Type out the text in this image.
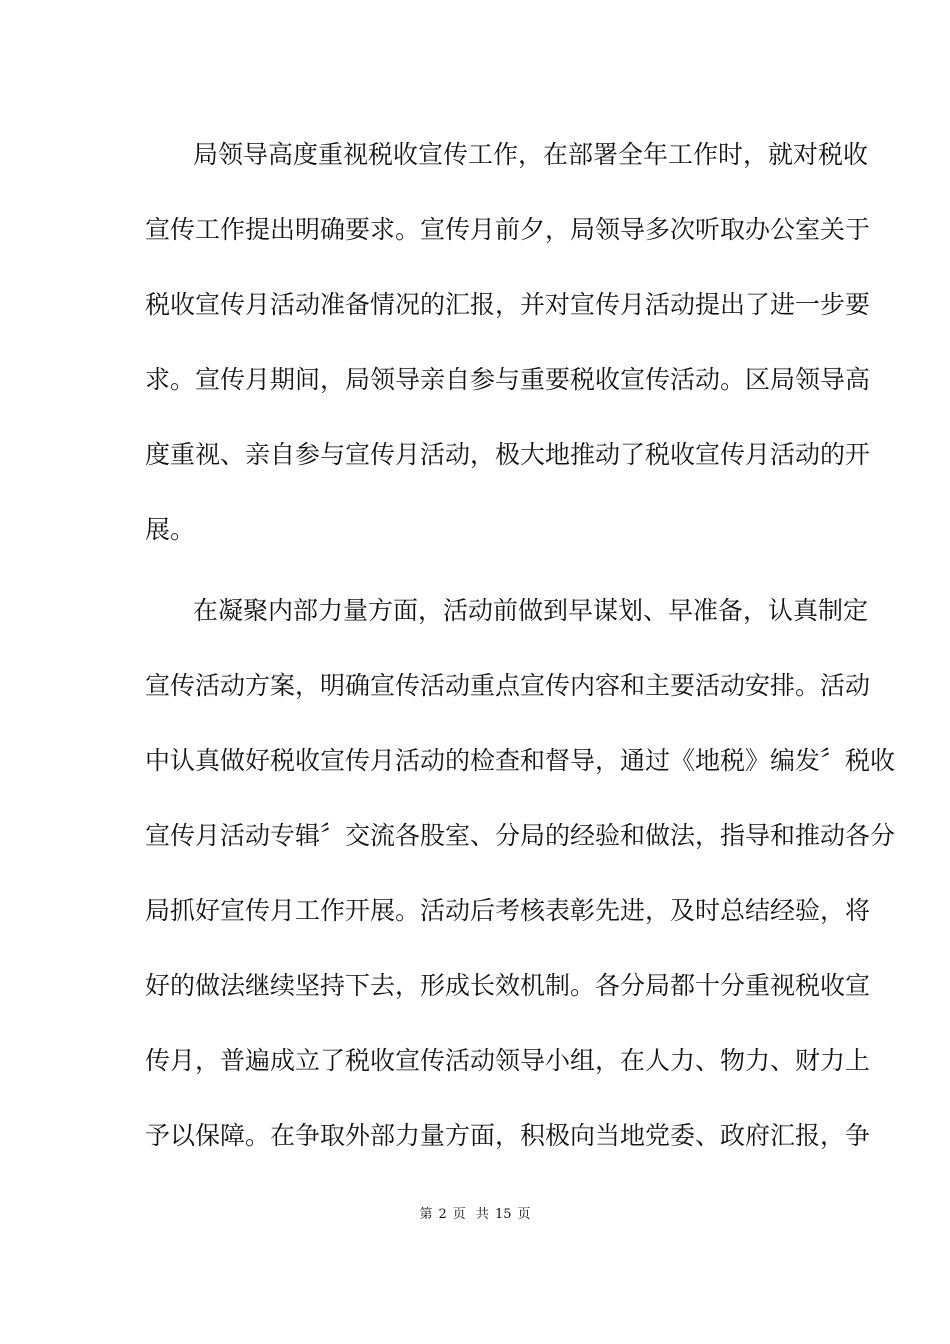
局领导高度重视税收宣传工作，在部署全年工作时，就对税收
宣传工作提出明确要求。宣传月前夕，局领导多次听取办公室关于
税收宣传月活动准备情况的汇报，并对宣传月活动提出了进一步要
求。宣传月期间，局领导亲自参与重要税收宣传活动。区局领导高
度重视、亲自参与宣传月活动，极大地推动了税收宣传月活动的开
展。

在凝聚内部力量方面，活动前做到早谋划、早准备，认真制定
宣传活动方案，明确宣传活动重点宣传内容和主要活动安排。活动
中认真做好税收宣传月活动的检查和督导，通过《地税》编发〞税收
宣传月活动专辑〞交流各股室、分局的经验和做法，指导和推动各分
局抓好宣传月工作开展。活动后考核表彰先进，及时总结经验，将
好的做法继续坚持下去，形成长效机制。各分局都十分重视税收宣
传月，普遍成立了税收宣传活动领导小组，在人力、物力、财力上
予以保障。在争取外部力量方面，积极向当地党委、政府汇报，争

第 2 页 共 15 页
